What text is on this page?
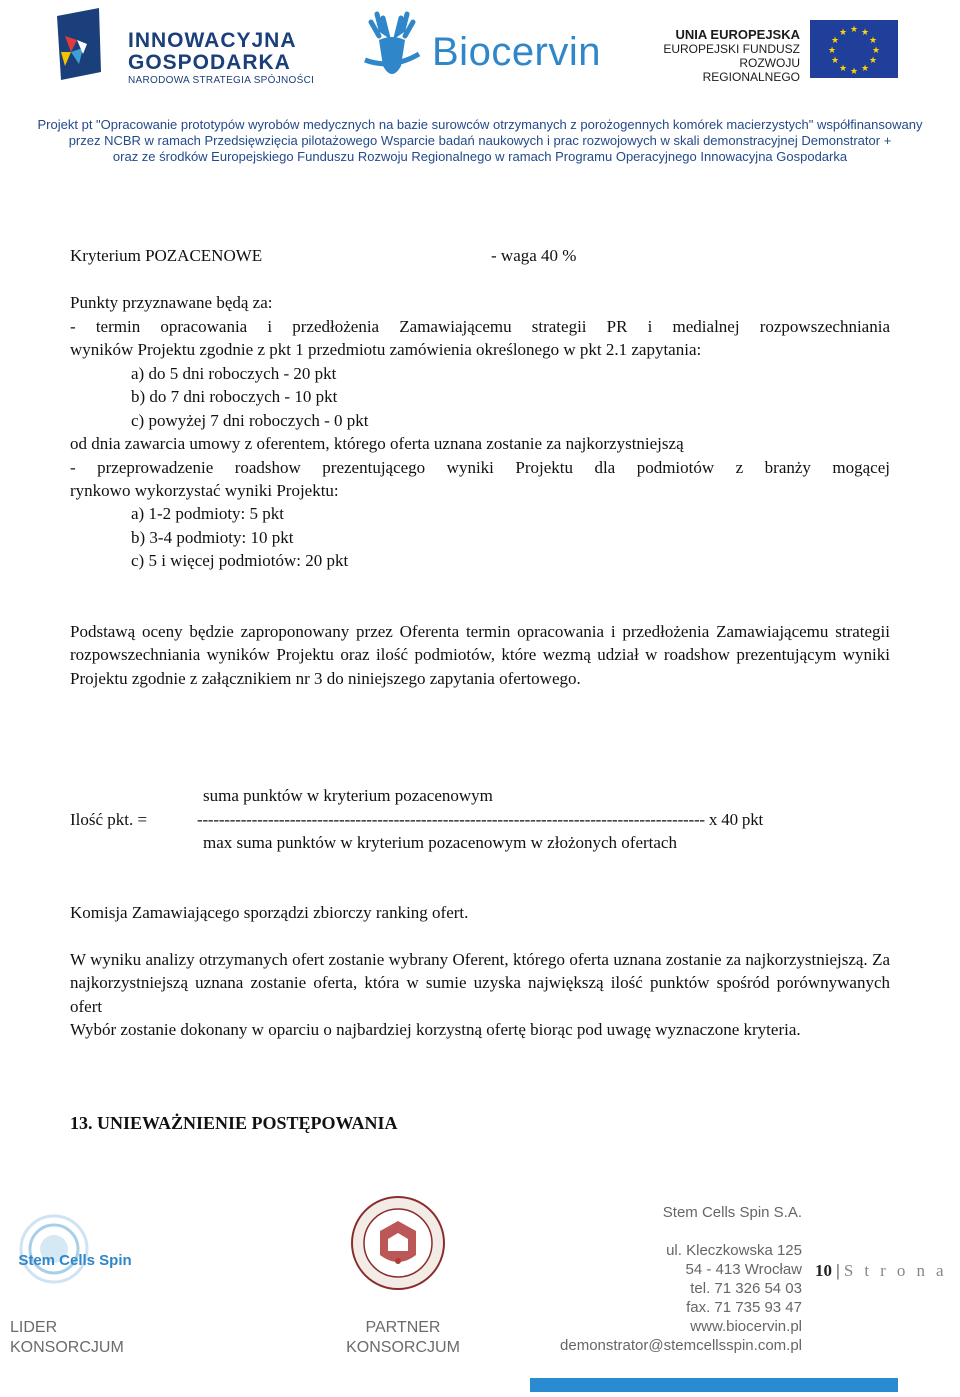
INNOWACYJNA
GOSPODARKA
NARODOWA STRATEGIA SPÓJNOŚCI
Biocervin	UNIA EUROPEJSKA
EUROPEJSKI FUNDUSZ
ROZWOJU REGIONALNEGO
★ ★
★
★
★
★
★
★
★
★
★
★
Projekt pt "Opracowanie prototypów wyrobów medycznych na bazie surowców otrzymanych z porożogennych komórek macierzystych" współfinansowany
przez NCBR w ramach Przedsięwzięcia pilotażowego Wsparcie badań naukowych i prac rozwojowych w skali demonstracyjnej Demonstrator +
oraz ze środków Europejskiego Funduszu Rozwoju Regionalnego w ramach Programu Operacyjnego Innowacyjna Gospodarka
Kryterium POZACENOWE	- waga 40 %
Punkty przyznawane będą za:
- termin opracowania i przedłożenia Zamawiającemu strategii PR i medialnej rozpowszechniania
wyników Projektu zgodnie z pkt 1 przedmiotu zamówienia określonego w pkt 2.1 zapytania:
a) do 5 dni roboczych - 20 pkt
b) do 7 dni roboczych - 10 pkt
c) powyżej 7 dni roboczych - 0 pkt
od dnia zawarcia umowy z oferentem, którego oferta uznana zostanie za najkorzystniejszą
- przeprowadzenie roadshow prezentującego wyniki Projektu dla podmiotów z branży mogącej
rynkowo wykorzystać wyniki Projektu:
a) 1-2 podmioty: 5 pkt
b) 3-4 podmioty: 10 pkt
c) 5 i więcej podmiotów: 20 pkt

Podstawą oceny będzie zaproponowany przez Oferenta termin opracowania i przedłożenia Zamawiającemu strategii rozpowszechniania wyników Projektu oraz ilość podmiotów, które wezmą udział w roadshow prezentującym wyniki Projektu zgodnie z załącznikiem nr 3 do niniejszego zapytania ofertowego.

suma punktów w kryterium pozacenowym
Ilość pkt. =	--------------------------------------------------------------------------------------------- x 40 pkt
max suma punktów w kryterium pozacenowym w złożonych ofertach
Komisja Zamawiającego sporządzi zbiorczy ranking ofert.

W wyniku analizy otrzymanych ofert zostanie wybrany Oferent, którego oferta uznana zostanie za najkorzystniejszą. Za najkorzystniejszą uznana zostanie oferta, która w sumie uzyska największą ilość punktów spośród porównywanych ofert

Wybór zostanie dokonany w oparciu o najbardziej korzystną ofertę biorąc pod uwagę wyznaczone kryteria.

13. UNIEWAŻNIENIE POSTĘPOWANIA
Stem Cells Spin
LIDER
KONSORCJUM
PARTNER
KONSORCJUM
Stem Cells Spin S.A.
ul. Kleczkowska 125
54 - 413 Wrocław
tel. 71 326 54 03
fax. 71 735 93 47
www.biocervin.pl
demonstrator@stemcellsspin.com.pl
10 | S t r o n a
